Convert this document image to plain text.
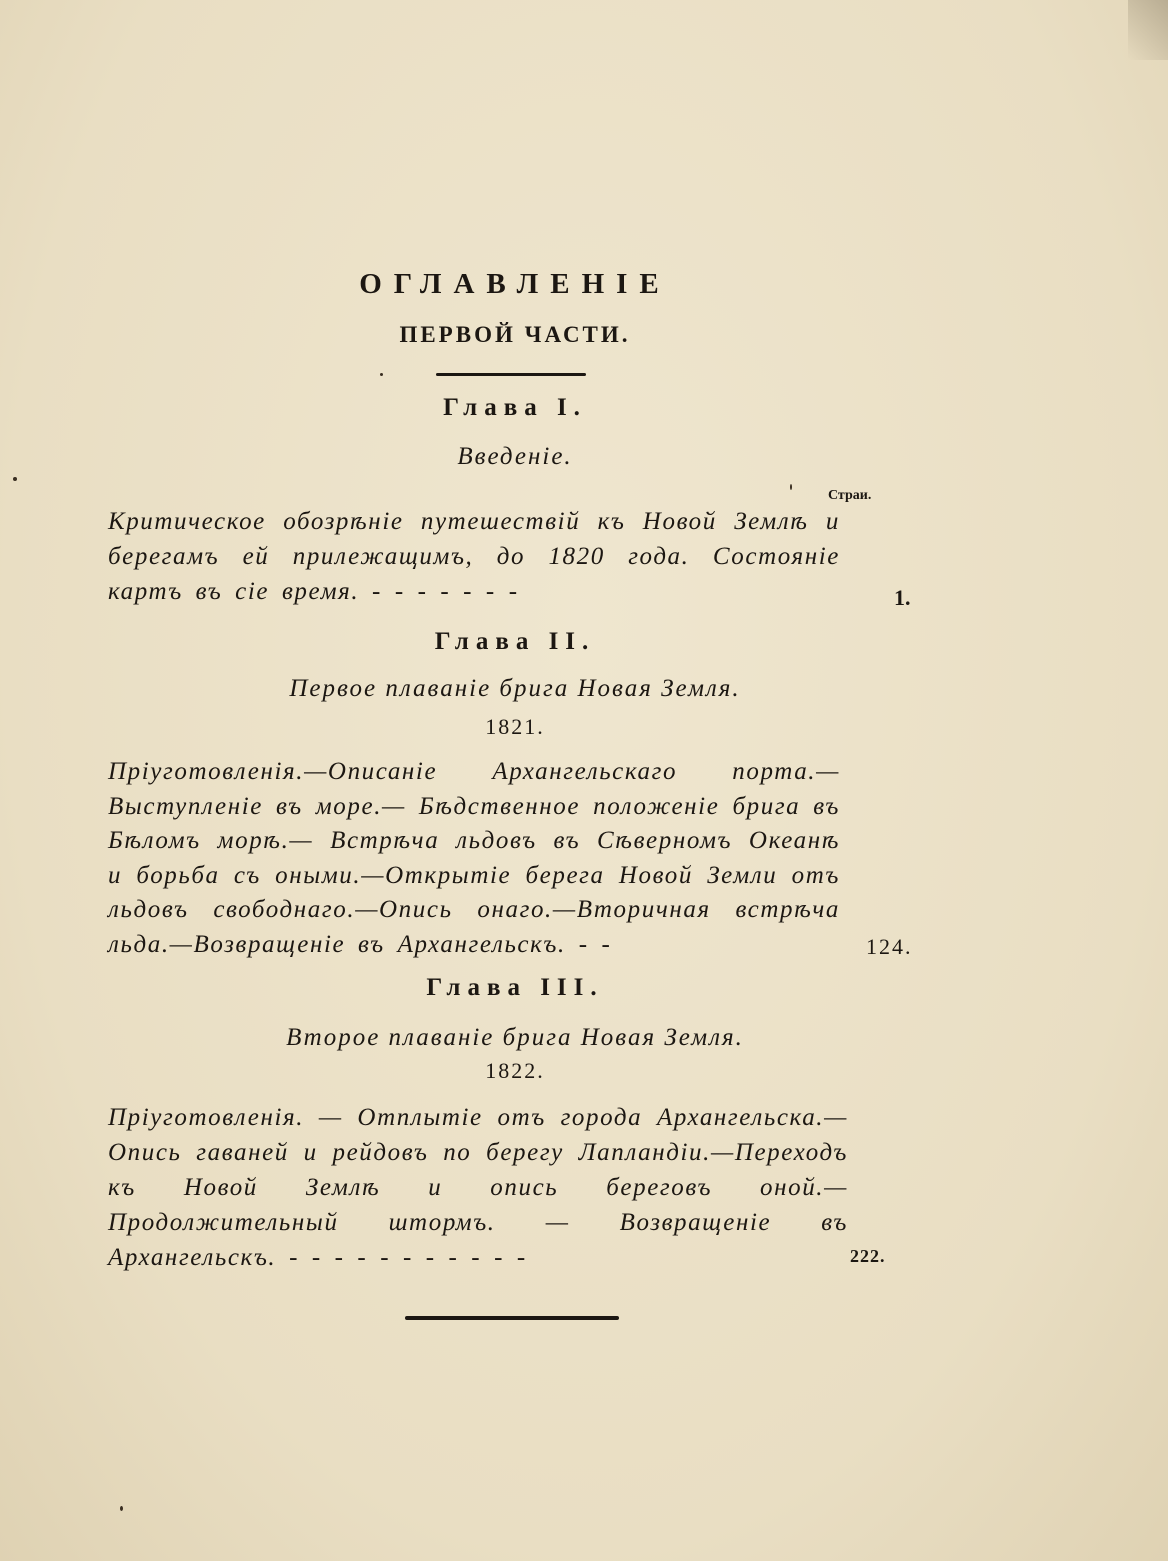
ОГЛАВЛЕНІЕ
ПЕРВОЙ ЧАСТИ.
Глава I.
Введеніе.
Страи.
Критическое обозрѣніе путешествій къ Новой Землѣ и берегамъ ей прилежащимъ, до 1820 года. Состояніе картъ въ сіе время. - - - - - - -	1.
Глава II.
Первое плаваніе брига Новая Земля.
1821.
Пріуготовленія.—Описаніе Архангельскаго порта.— Выступленіе въ море.— Бѣдственное положеніе брига въ Бѣломъ морѣ.— Встрѣча льдовъ въ Сѣверномъ Океанѣ и борьба съ оными.—Открытіе берега Новой Земли отъ льдовъ свободнаго.—Опись онаго.—Вторичная встрѣча льда.—Возвращеніе въ Архангельскъ. - -	124.
Глава III.
Второе плаваніе брига Новая Земля.
1822.
Пріуготовленія. — Отплытіе отъ города Архангельска.—Опись гаваней и рейдовъ по берегу Лапландіи.—Переходъ къ Новой Землѣ и опись береговъ оной.— Продолжительный штормъ. — Возвращеніе въ Архангельскъ. - - - - - - - - - - -	222.
